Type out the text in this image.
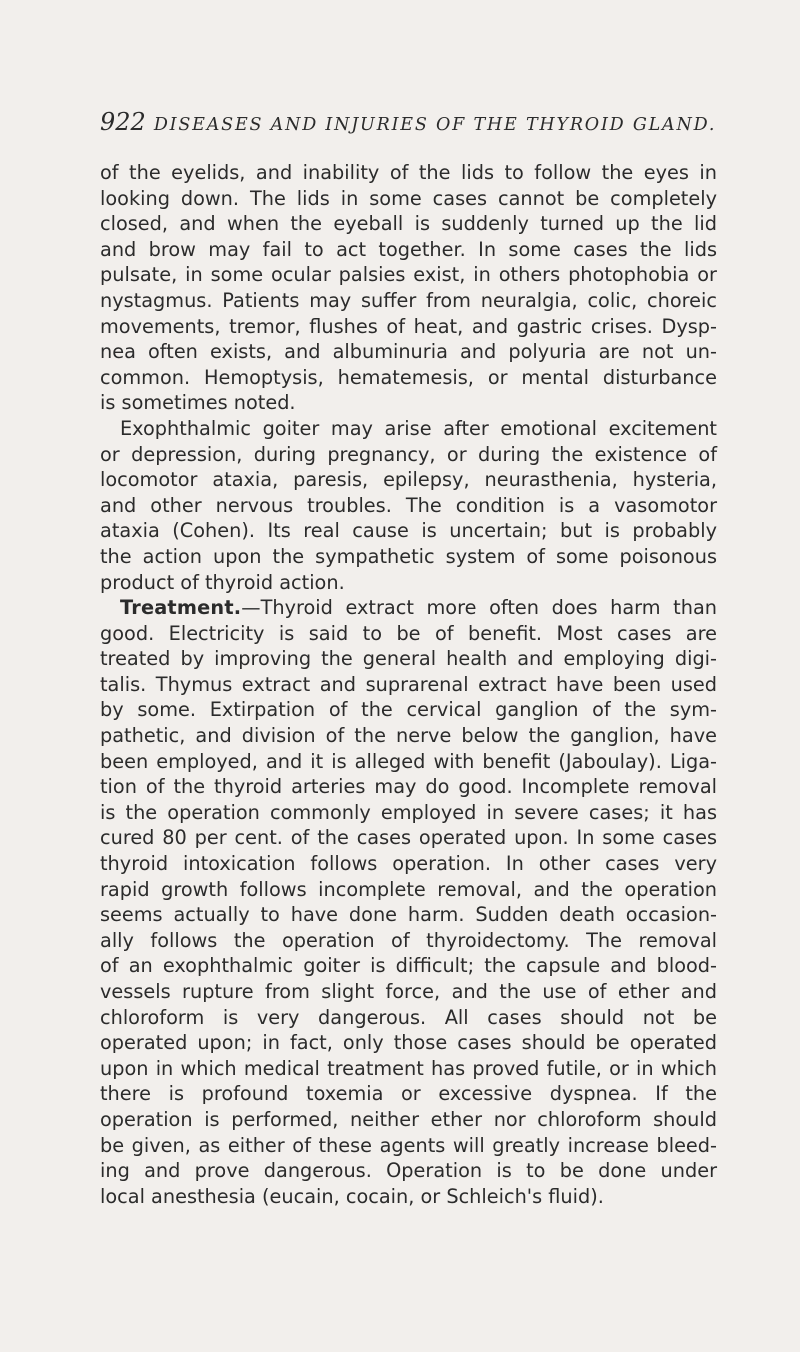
922 DISEASES AND INJURIES OF THE THYROID GLAND.
of the eyelids, and inability of the lids to follow the eyes in
looking down. The lids in some cases cannot be completely
closed, and when the eyeball is suddenly turned up the lid
and brow may fail to act together. In some cases the lids
pulsate, in some ocular palsies exist, in others photophobia or
nystagmus. Patients may suffer from neuralgia, colic, choreic
movements, tremor, flushes of heat, and gastric crises. Dysp-
nea often exists, and albuminuria and polyuria are not un-
common. Hemoptysis, hematemesis, or mental disturbance
is sometimes noted.
Exophthalmic goiter may arise after emotional excitement
or depression, during pregnancy, or during the existence of
locomotor ataxia, paresis, epilepsy, neurasthenia, hysteria,
and other nervous troubles. The condition is a vasomotor
ataxia (Cohen). Its real cause is uncertain; but is probably
the action upon the sympathetic system of some poisonous
product of thyroid action.
Treatment.—Thyroid extract more often does harm than
good. Electricity is said to be of benefit. Most cases are
treated by improving the general health and employing digi-
talis. Thymus extract and suprarenal extract have been used
by some. Extirpation of the cervical ganglion of the sym-
pathetic, and division of the nerve below the ganglion, have
been employed, and it is alleged with benefit (Jaboulay). Liga-
tion of the thyroid arteries may do good. Incomplete removal
is the operation commonly employed in severe cases; it has
cured 80 per cent. of the cases operated upon. In some cases
thyroid intoxication follows operation. In other cases very
rapid growth follows incomplete removal, and the operation
seems actually to have done harm. Sudden death occasion-
ally follows the operation of thyroidectomy. The removal
of an exophthalmic goiter is difficult; the capsule and blood-
vessels rupture from slight force, and the use of ether and
chloroform is very dangerous. All cases should not be
operated upon; in fact, only those cases should be operated
upon in which medical treatment has proved futile, or in which
there is profound toxemia or excessive dyspnea. If the
operation is performed, neither ether nor chloroform should
be given, as either of these agents will greatly increase bleed-
ing and prove dangerous. Operation is to be done under
local anesthesia (eucain, cocain, or Schleich's fluid).
